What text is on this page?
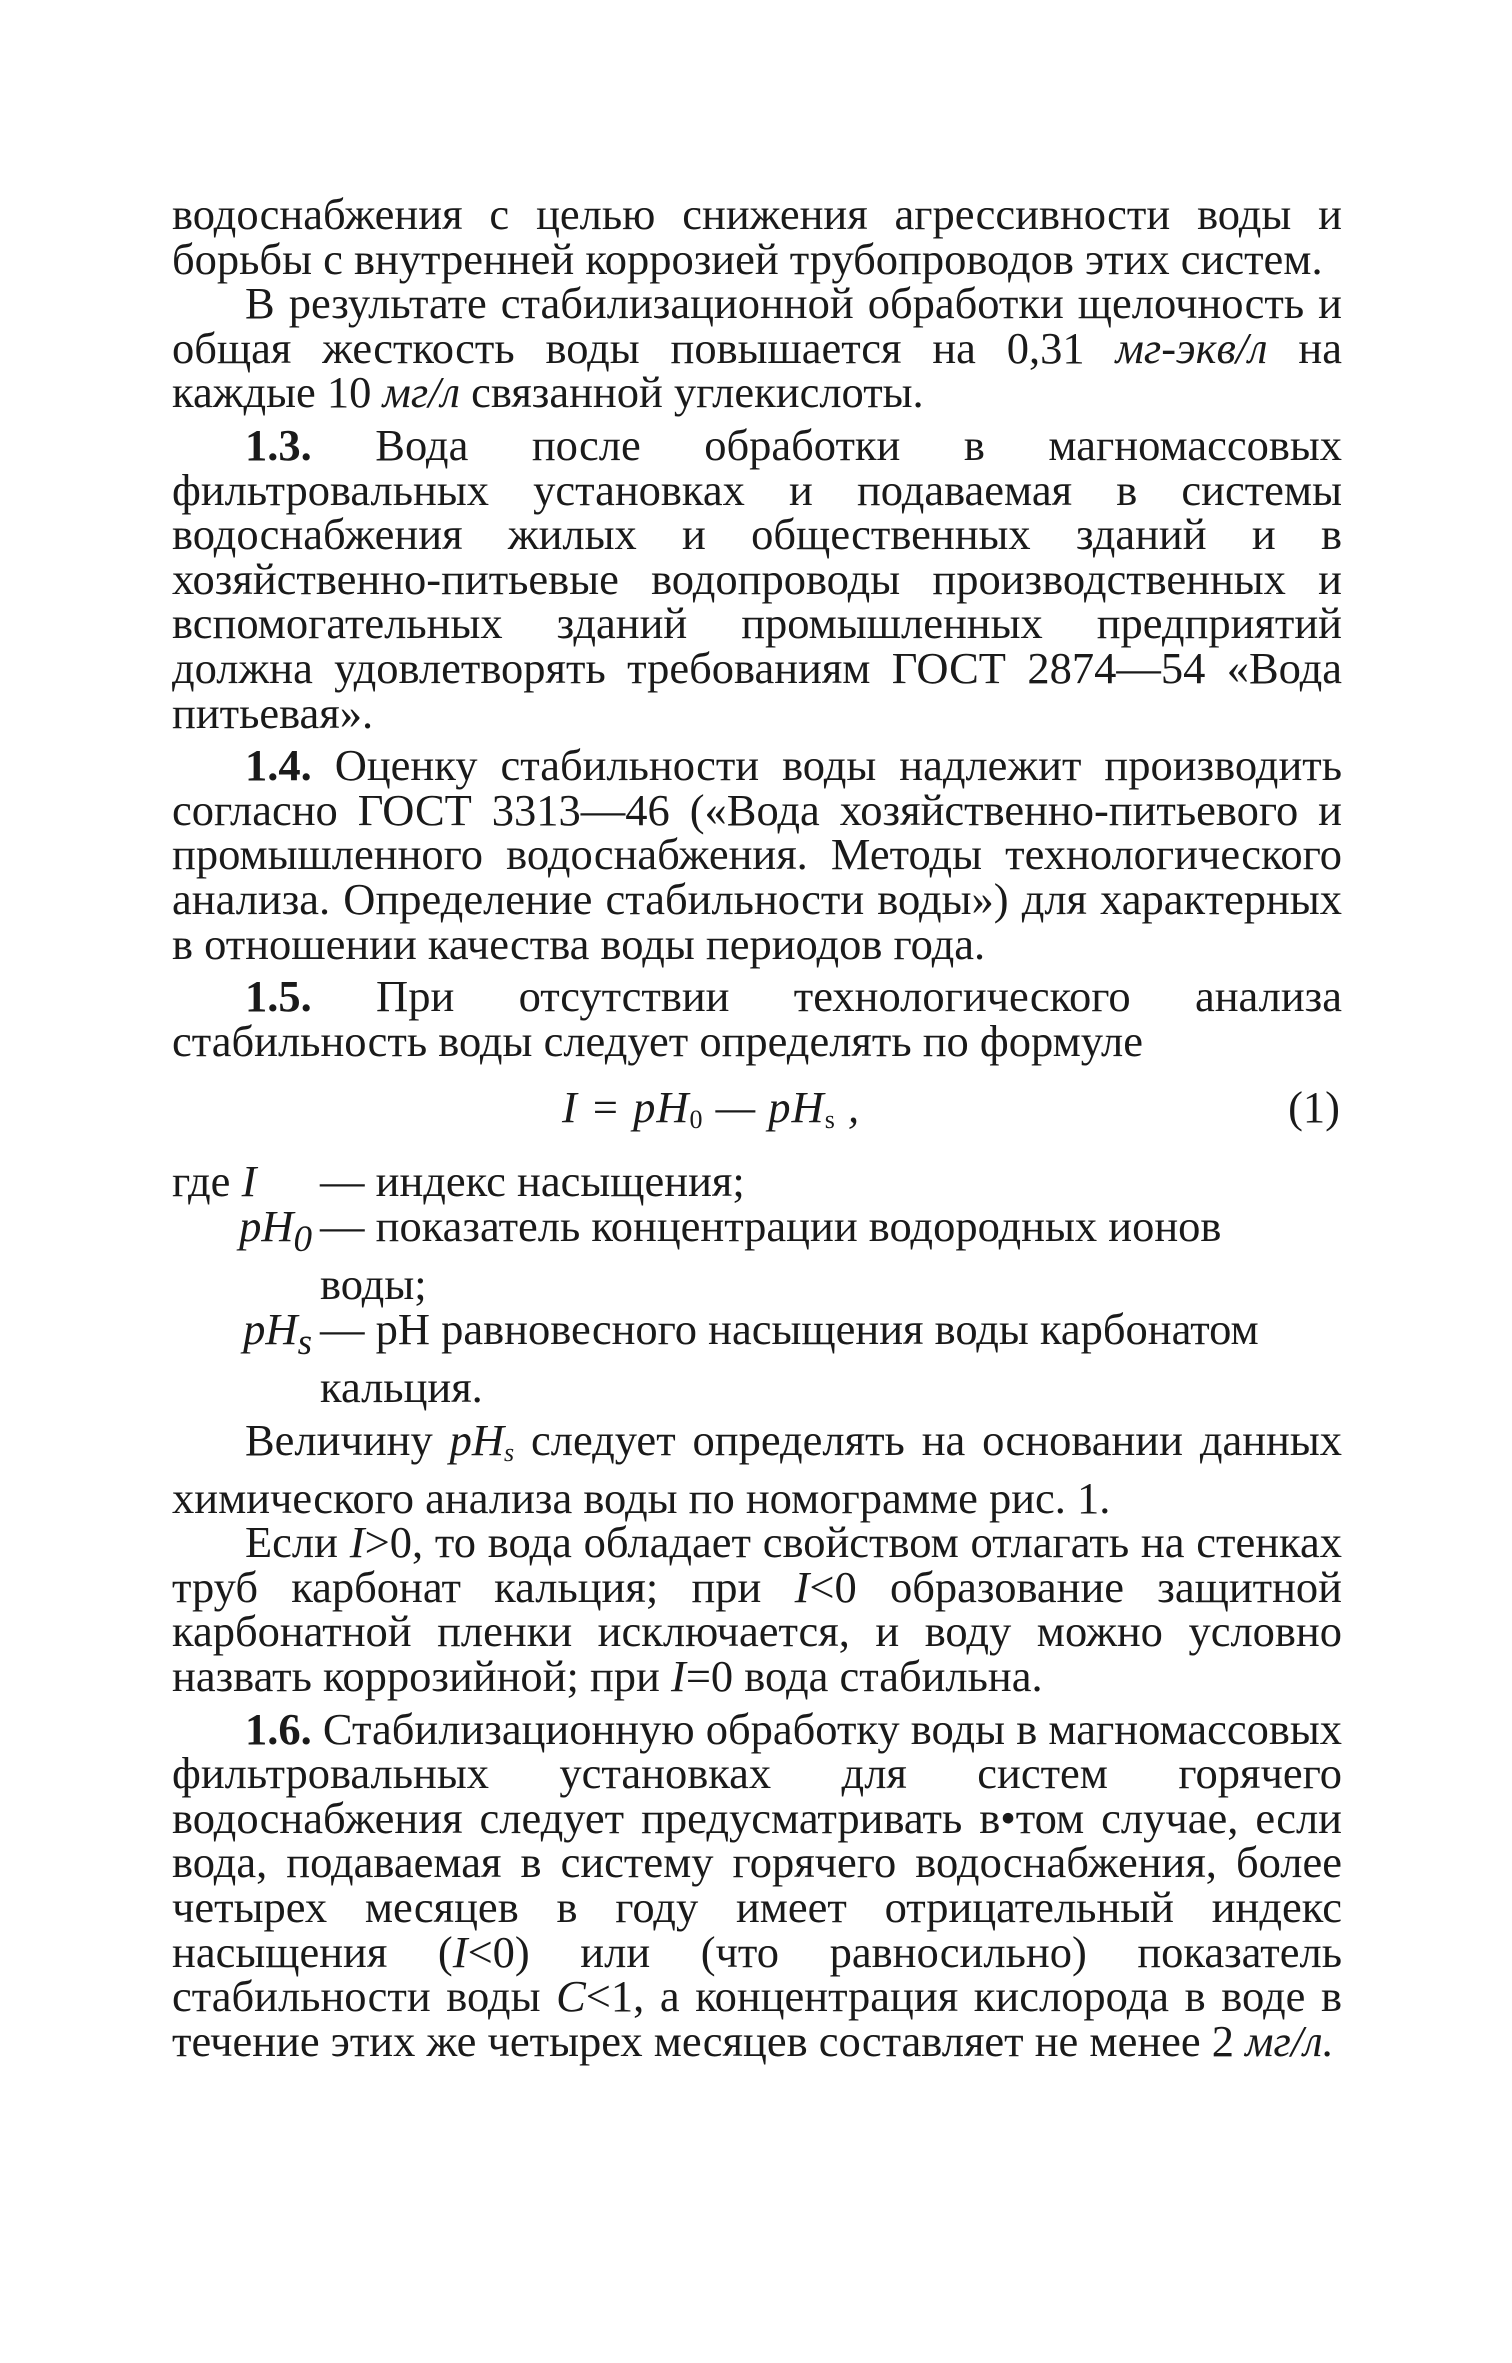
водоснабжения с целью снижения агрессивности воды и борьбы с внутренней коррозией трубопроводов этих систем.

В результате стабилизационной обработки щелочность и общая жесткость воды повышается на 0,31 мг-экв/л на каждые 10 мг/л связанной углекислоты.

1.3. Вода после обработки в магномассовых фильтровальных установках и подаваемая в системы водоснабжения жилых и общественных зданий и в хозяйственно-питьевые водопроводы производственных и вспомогательных зданий промышленных предприятий должна удовлетворять требованиям ГОСТ 2874—54 «Вода питьевая».

1.4. Оценку стабильности воды надлежит производить согласно ГОСТ 3313—46 («Вода хозяйственно-питьевого и промышленного водоснабжения. Методы технологического анализа. Определение стабильности воды») для характерных в отношении качества воды периодов года.

1.5. При отсутствии технологического анализа стабильность воды следует определять по формуле

$I = pH_0$ — $pH_s$ ,	(1)
где I	— индекс насыщения;
$pH_0$ — показатель концентрации водородных ионов
воды;
$pH_s$ — pH равновесного насыщения воды карбонатом
кальция.

Величину $pH_s$ следует определять на основании данных химического анализа воды по номограмме рис. 1.

Если I>0, то вода обладает свойством отлагать на стенках труб карбонат кальция; при I<0 образование защитной карбонатной пленки исключается, и воду можно условно назвать коррозийной; при I=0 вода стабильна.

1.6. Стабилизационную обработку воды в магномассовых фильтровальных установках для систем горячего водоснабжения следует предусматривать в•том случае, если вода, подаваемая в систему горячего водоснабжения, более четырех месяцев в году имеет отрицательный индекс насыщения (I<0) или (что равносильно) показатель стабильности воды C<1, а концентрация кислорода в воде в течение этих же четырех месяцев составляет не менее 2 мг/л.
